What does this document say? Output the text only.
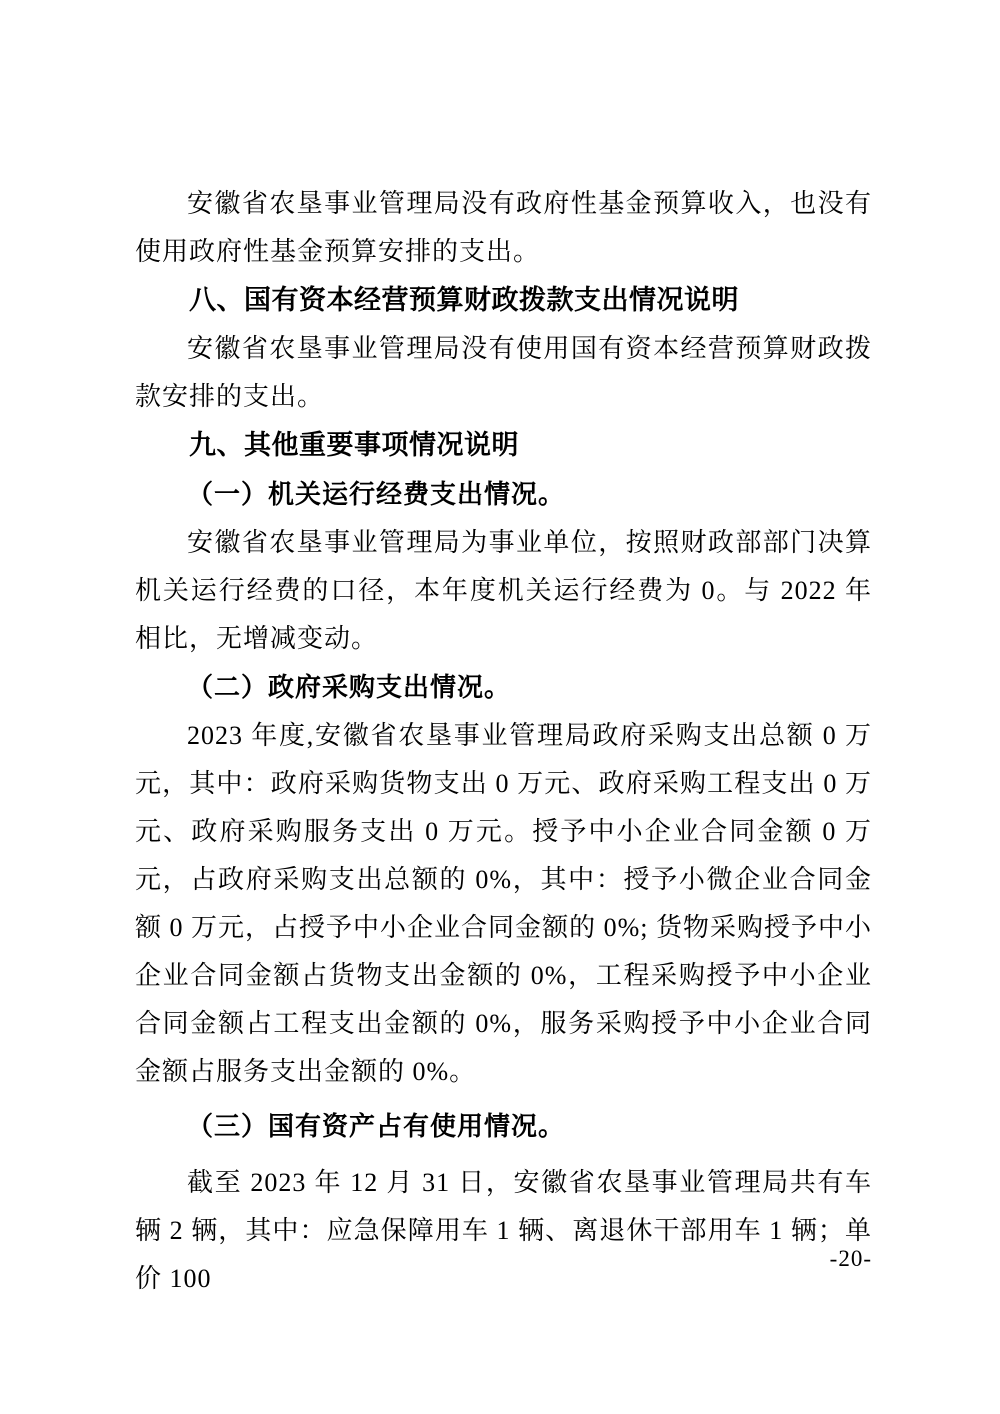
安徽省农垦事业管理局没有政府性基金预算收入，也没有使用政府性基金预算安排的支出。

八、国有资本经营预算财政拨款支出情况说明

安徽省农垦事业管理局没有使用国有资本经营预算财政拨款安排的支出。

九、其他重要事项情况说明

（一）机关运行经费支出情况。

安徽省农垦事业管理局为事业单位，按照财政部部门决算机关运行经费的口径，本年度机关运行经费为 0。与 2022 年相比，无增减变动。

（二）政府采购支出情况。

2023 年度,安徽省农垦事业管理局政府采购支出总额 0 万元，其中：政府采购货物支出 0 万元、政府采购工程支出 0 万元、政府采购服务支出 0 万元。授予中小企业合同金额 0 万元，占政府采购支出总额的 0%，其中：授予小微企业合同金额 0 万元，占授予中小企业合同金额的 0%; 货物采购授予中小企业合同金额占货物支出金额的 0%，工程采购授予中小企业合同金额占工程支出金额的 0%，服务采购授予中小企业合同金额占服务支出金额的 0%。

（三）国有资产占有使用情况。

截至 2023 年 12 月 31 日，安徽省农垦事业管理局共有车辆 2 辆，其中：应急保障用车 1 辆、离退休干部用车 1 辆；单价 100

-20-
